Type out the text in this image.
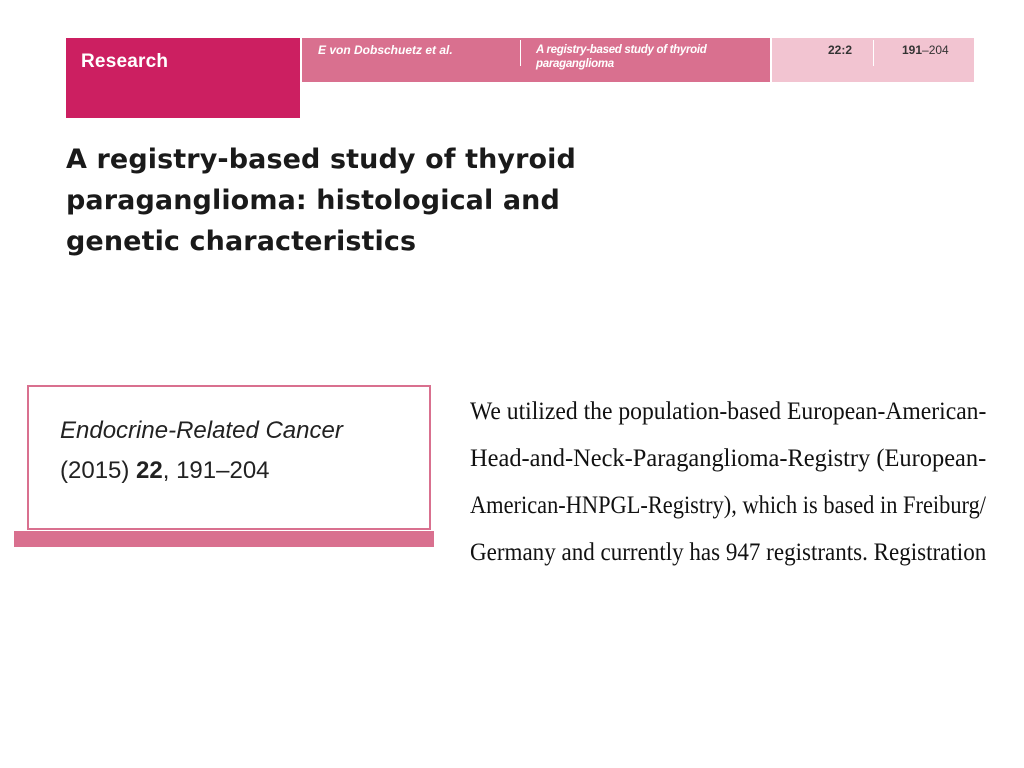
Research
E von Dobschuetz et al.	A registry-based study of thyroid paraganglioma
22:2	191–204
A registry-based study of thyroid
paraganglioma: histological and
genetic characteristics
Endocrine-Related Cancer
(2015) 22, 191–204
We utilized the population-based European-American-
Head-and-Neck-Paraganglioma-Registry (European-
American-HNPGL-Registry), which is based in Freiburg/
Germany and currently has 947 registrants. Registration
